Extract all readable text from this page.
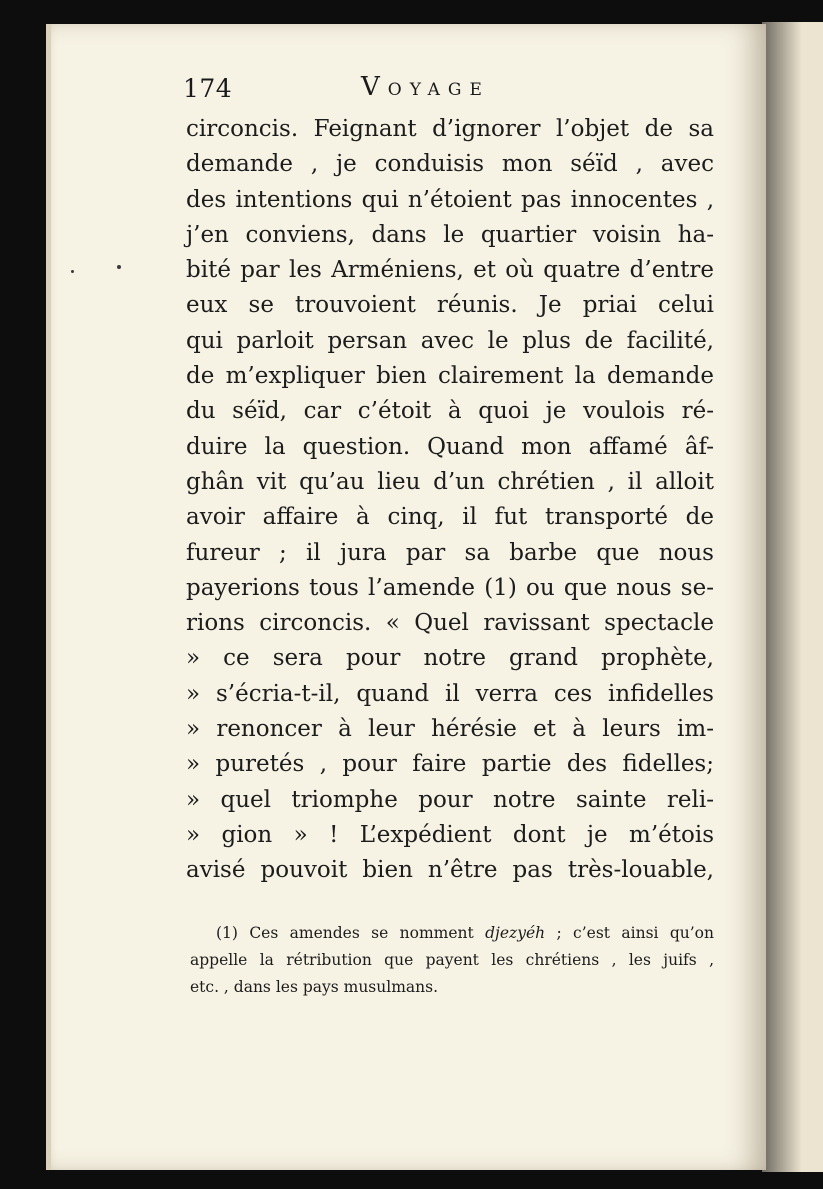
174	VOYAGE
circoncis. Feignant d’ignorer l’objet de sa
demande , je conduisis mon séïd , avec
des intentions qui n’étoient pas innocentes ,
j’en conviens, dans le quartier voisin ha-
bité par les Arméniens, et où quatre d’entre
eux se trouvoient réunis. Je priai celui
qui parloit persan avec le plus de facilité,
de m’expliquer bien clairement la demande
du séïd, car c’étoit à quoi je voulois ré-
duire la question. Quand mon affamé âf-
ghân vit qu’au lieu d’un chrétien , il alloit
avoir affaire à cinq, il fut transporté de
fureur ; il jura par sa barbe que nous
payerions tous l’amende (1) ou que nous se-
rions circoncis. « Quel ravissant spectacle
» ce sera pour notre grand prophète,
» s’écria-t-il, quand il verra ces infidelles
» renoncer à leur hérésie et à leurs im-
» puretés , pour faire partie des fidelles;
» quel triomphe pour notre sainte reli-
» gion » ! L’expédient dont je m’étois
avisé pouvoit bien n’être pas très-louable,
(1) Ces amendes se nomment djezyéh ; c’est ainsi qu’on
appelle la rétribution que payent les chrétiens , les juifs ,
etc. , dans les pays musulmans.
